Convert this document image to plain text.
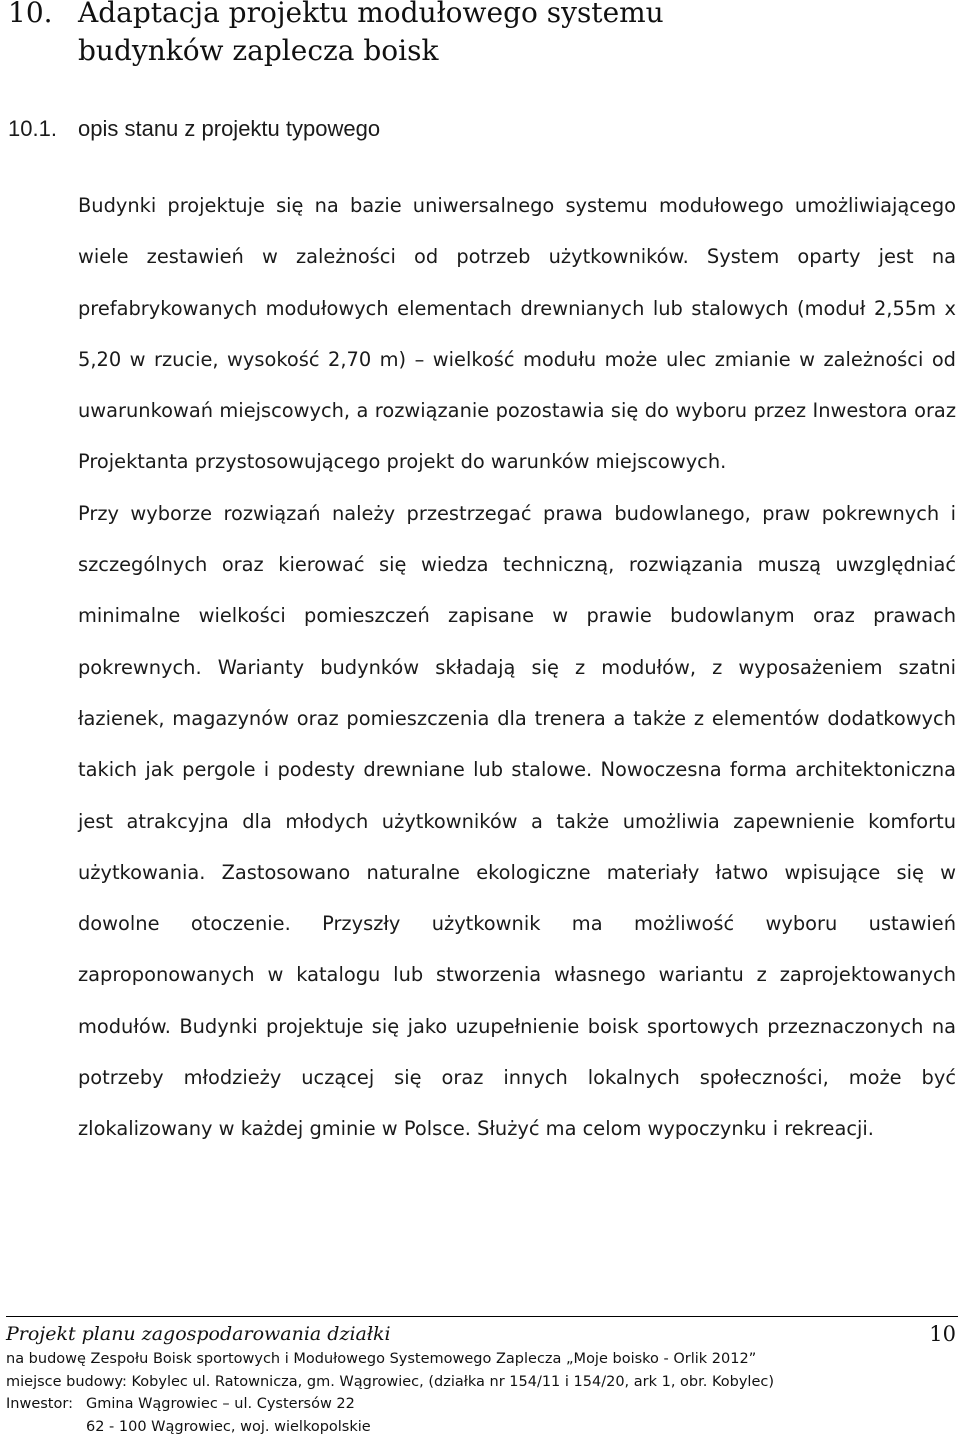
10. Adaptacja projektu modułowego systemu
budynków zaplecza boisk
10.1. opis stanu z projektu typowego

Budynki projektuje się na bazie uniwersalnego systemu modułowego umożliwiającego wiele zestawień w zależności od potrzeb użytkowników. System oparty jest na prefabrykowanych modułowych elementach drewnianych lub stalowych (moduł 2,55m x 5,20 w rzucie, wysokość 2,70 m) – wielkość modułu może ulec zmianie w zależności od uwarunkowań miejscowych, a rozwiązanie pozostawia się do wyboru przez Inwestora oraz Projektanta przystosowującego projekt do warunków miejscowych.

Przy wyborze rozwiązań należy przestrzegać prawa budowlanego, praw pokrewnych i szczególnych oraz kierować się wiedza techniczną, rozwiązania muszą uwzględniać minimalne wielkości pomieszczeń zapisane w prawie budowlanym oraz prawach pokrewnych. Warianty budynków składają się z modułów, z wyposażeniem szatni łazienek, magazynów oraz pomieszczenia dla trenera a także z elementów dodatkowych takich jak pergole i podesty drewniane lub stalowe. Nowoczesna forma architektoniczna jest atrakcyjna dla młodych użytkowników a także umożliwia zapewnienie komfortu użytkowania. Zastosowano naturalne ekologiczne materiały łatwo wpisujące się w dowolne otoczenie. Przyszły użytkownik ma możliwość wyboru ustawień zaproponowanych w katalogu lub stworzenia własnego wariantu z zaprojektowanych modułów. Budynki projektuje się jako uzupełnienie boisk sportowych przeznaczonych na potrzeby młodzieży uczącej się oraz innych lokalnych społeczności, może być zlokalizowany w każdej gminie w Polsce. Służyć ma celom wypoczynku i rekreacji.

Projekt planu zagospodarowania działki	10
na budowę Zespołu Boisk sportowych i Modułowego Systemowego Zaplecza „Moje boisko - Orlik 2012”
miejsce budowy: Kobylec ul. Ratownicza, gm. Wągrowiec, (działka nr 154/11 i 154/20, ark 1, obr. Kobylec)
Inwestor: Gmina Wągrowiec – ul. Cystersów 22
62 - 100 Wągrowiec, woj. wielkopolskie
